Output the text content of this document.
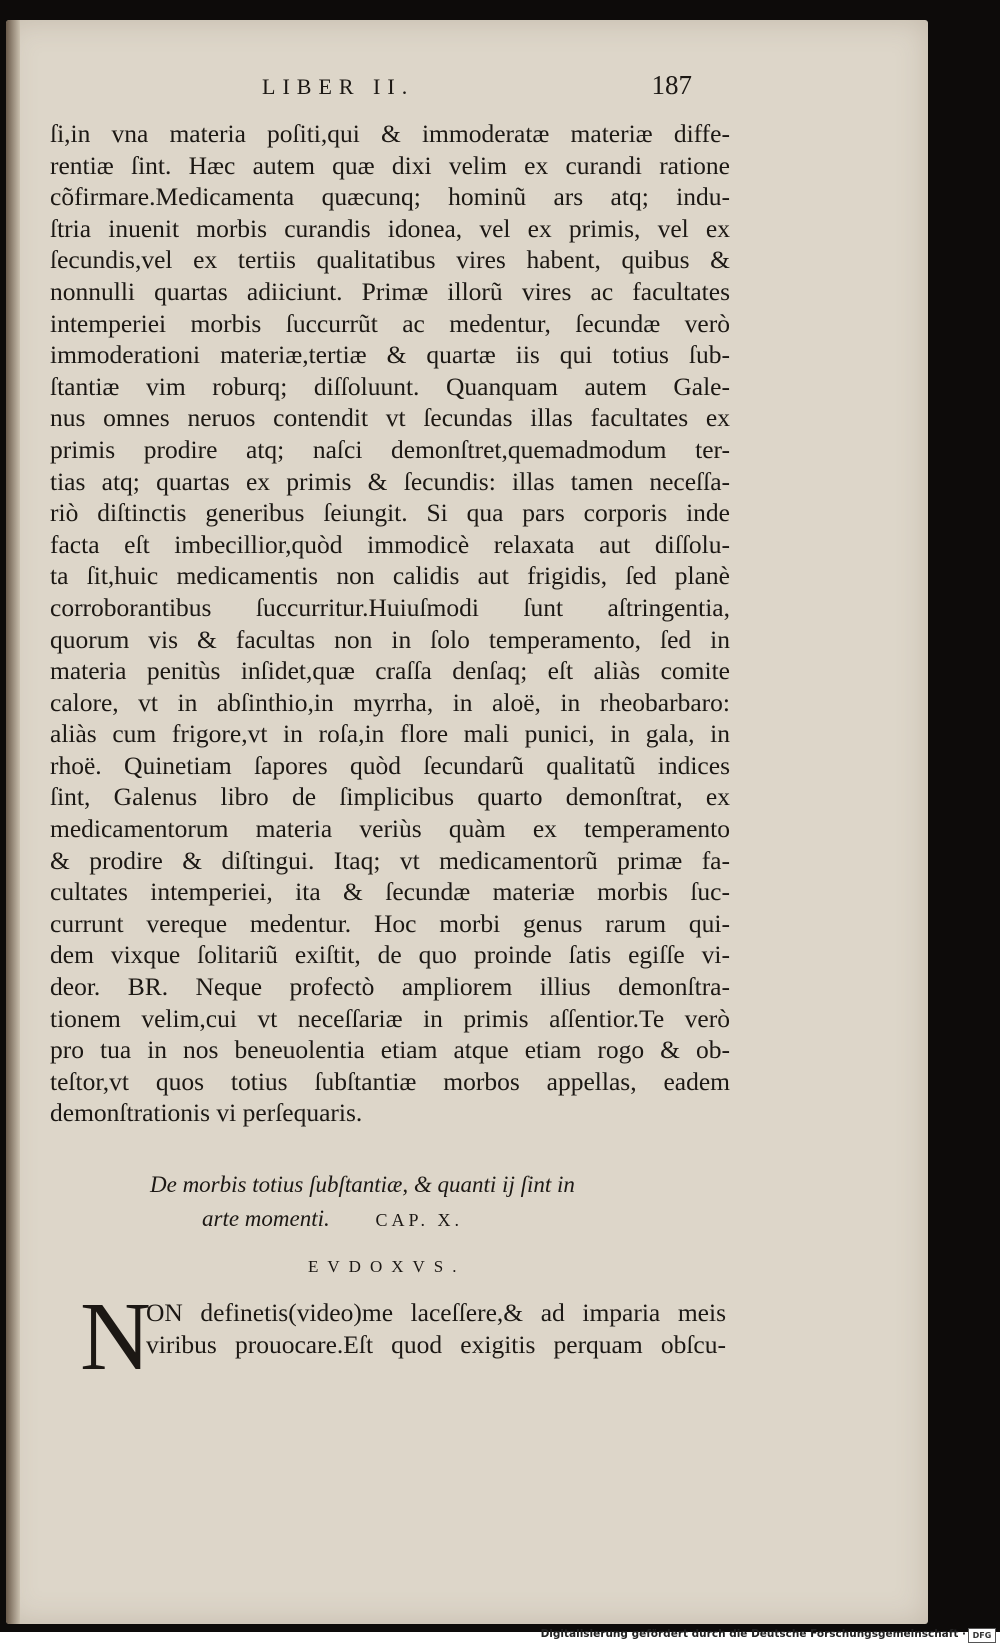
LIBER II.	187
ſi,in vna materia poſiti,qui & immoderatæ materiæ diffe-
rentiæ ſint. Hæc autem quæ dixi velim ex curandi ratione
cõfirmare.Medicamenta quæcunq; hominũ ars atq; indu-
ſtria inuenit morbis curandis idonea, vel ex primis, vel ex
ſecundis,vel ex tertiis qualitatibus vires habent, quibus &
nonnulli quartas adiiciunt. Primæ illorũ vires ac facultates
intemperiei morbis ſuccurrũt ac medentur, ſecundæ verò
immoderationi materiæ,tertiæ & quartæ iis qui totius ſub-
ſtantiæ vim roburq; diſſoluunt. Quanquam autem Gale-
nus omnes neruos contendit vt ſecundas illas facultates ex
primis prodire atq; naſci demonſtret,quemadmodum ter-
tias atq; quartas ex primis & ſecundis: illas tamen neceſſa-
riò diſtinctis generibus ſeiungit. Si qua pars corporis inde
facta eſt imbecillior,quòd immodicè relaxata aut diſſolu-
ta ſit,huic medicamentis non calidis aut frigidis, ſed planè
corroborantibus ſuccurritur.Huiuſmodi ſunt aſtringentia,
quorum vis & facultas non in ſolo temperamento, ſed in
materia penitùs inſidet,quæ craſſa denſaq; eſt aliàs comite
calore, vt in abſinthio,in myrrha, in aloë, in rheobarbaro:
aliàs cum frigore,vt in roſa,in flore mali punici, in gala, in
rhoë. Quinetiam ſapores quòd ſecundarũ qualitatũ indices
ſint, Galenus libro de ſimplicibus quarto demonſtrat, ex
medicamentorum materia veriùs quàm ex temperamento
& prodire & diſtingui. Itaq; vt medicamentorũ primæ fa-
cultates intemperiei, ita & ſecundæ materiæ morbis ſuc-
currunt vereque medentur. Hoc morbi genus rarum qui-
dem vixque ſolitariũ exiſtit, de quo proinde ſatis egiſſe vi-
deor. BR. Neque profectò ampliorem illius demonſtra-
tionem velim,cui vt neceſſariæ in primis aſſentior.Te verò
pro tua in nos beneuolentia etiam atque etiam rogo & ob-
teſtor,vt quos totius ſubſtantiæ morbos appellas, eadem
demonſtrationis vi perſequaris.
De morbis totius ſubſtantiæ, & quanti ij ſint in
arte momenti.	CAP. X.
EVDOXVS.
N
ON definetis(video)me laceſſere,& ad imparia meis
viribus prouocare.Eſt quod exigitis perquam obſcu-
Digitalisierung gefördert durch die Deutsche Forschungsgemeinschaft · DFG
